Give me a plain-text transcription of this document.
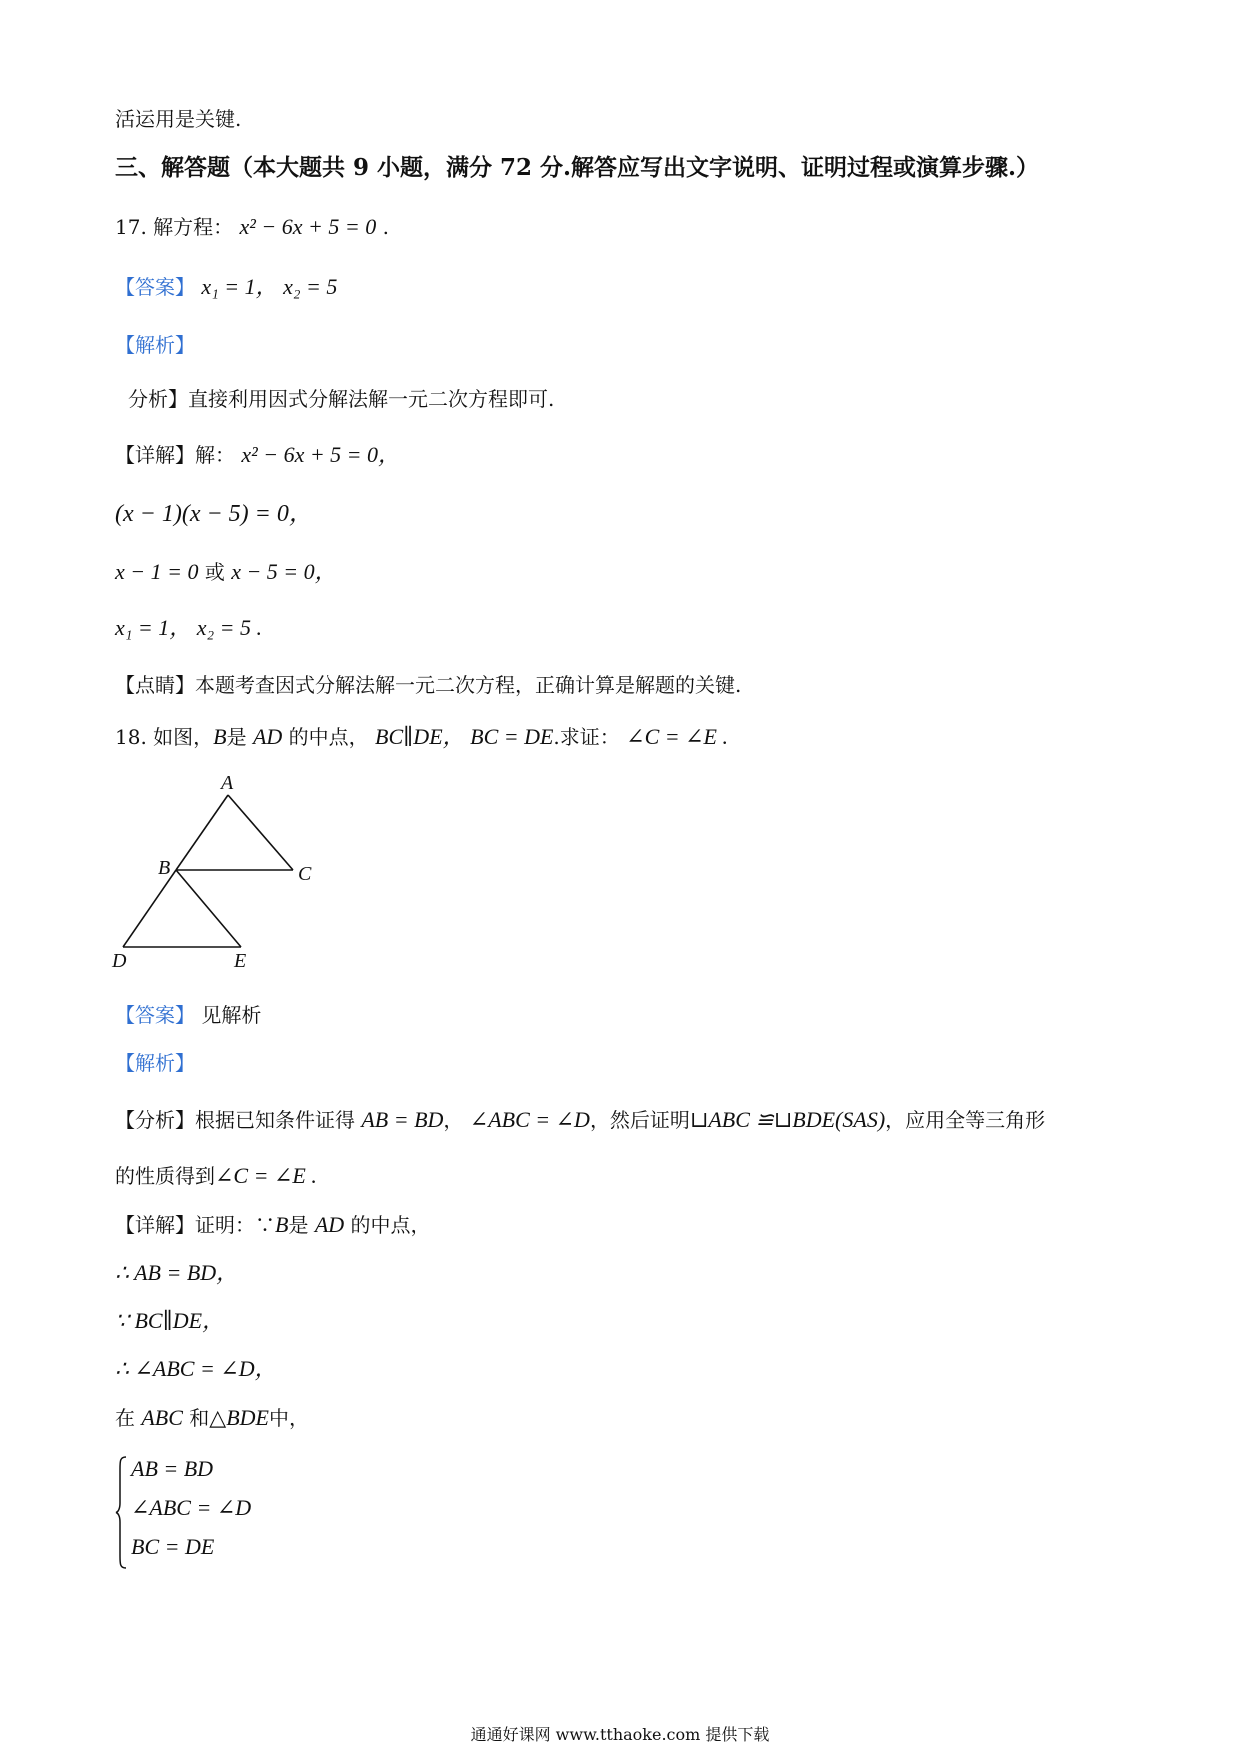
活运用是关键.
三、解答题（本大题共 9 小题，满分 72 分.解答应写出文字说明、证明过程或演算步骤.）
17. 解方程： x² − 6x + 5 = 0 .
【答案】 x₁ = 1， x₂ = 5
【解析】
分析】直接利用因式分解法解一元二次方程即可.
【详解】解： x² − 6x + 5 = 0，
(x − 1)(x − 5) = 0，
x − 1 = 0 或 x − 5 = 0，
x₁ = 1， x₂ = 5 .
【点睛】本题考查因式分解法解一元二次方程，正确计算是解题的关键.
18. 如图，B是 AD 的中点， BC∥DE， BC = DE.求证： ∠C = ∠E .
A
B	C
D	E
【答案】 见解析
【解析】
【分析】根据已知条件证得 AB = BD， ∠ABC = ∠D，然后证明⊔ABC ≌⊔BDE(SAS)，应用全等三角形
的性质得到∠C = ∠E .
【详解】证明：∵B是 AD 的中点，
∴ AB = BD，
∵ BC∥DE，
∴ ∠ABC = ∠D，
在 ABC 和△BDE中，
AB = BD
∠ABC = ∠D
BC = DE
通通好课网 www.tthaoke.com 提供下载
